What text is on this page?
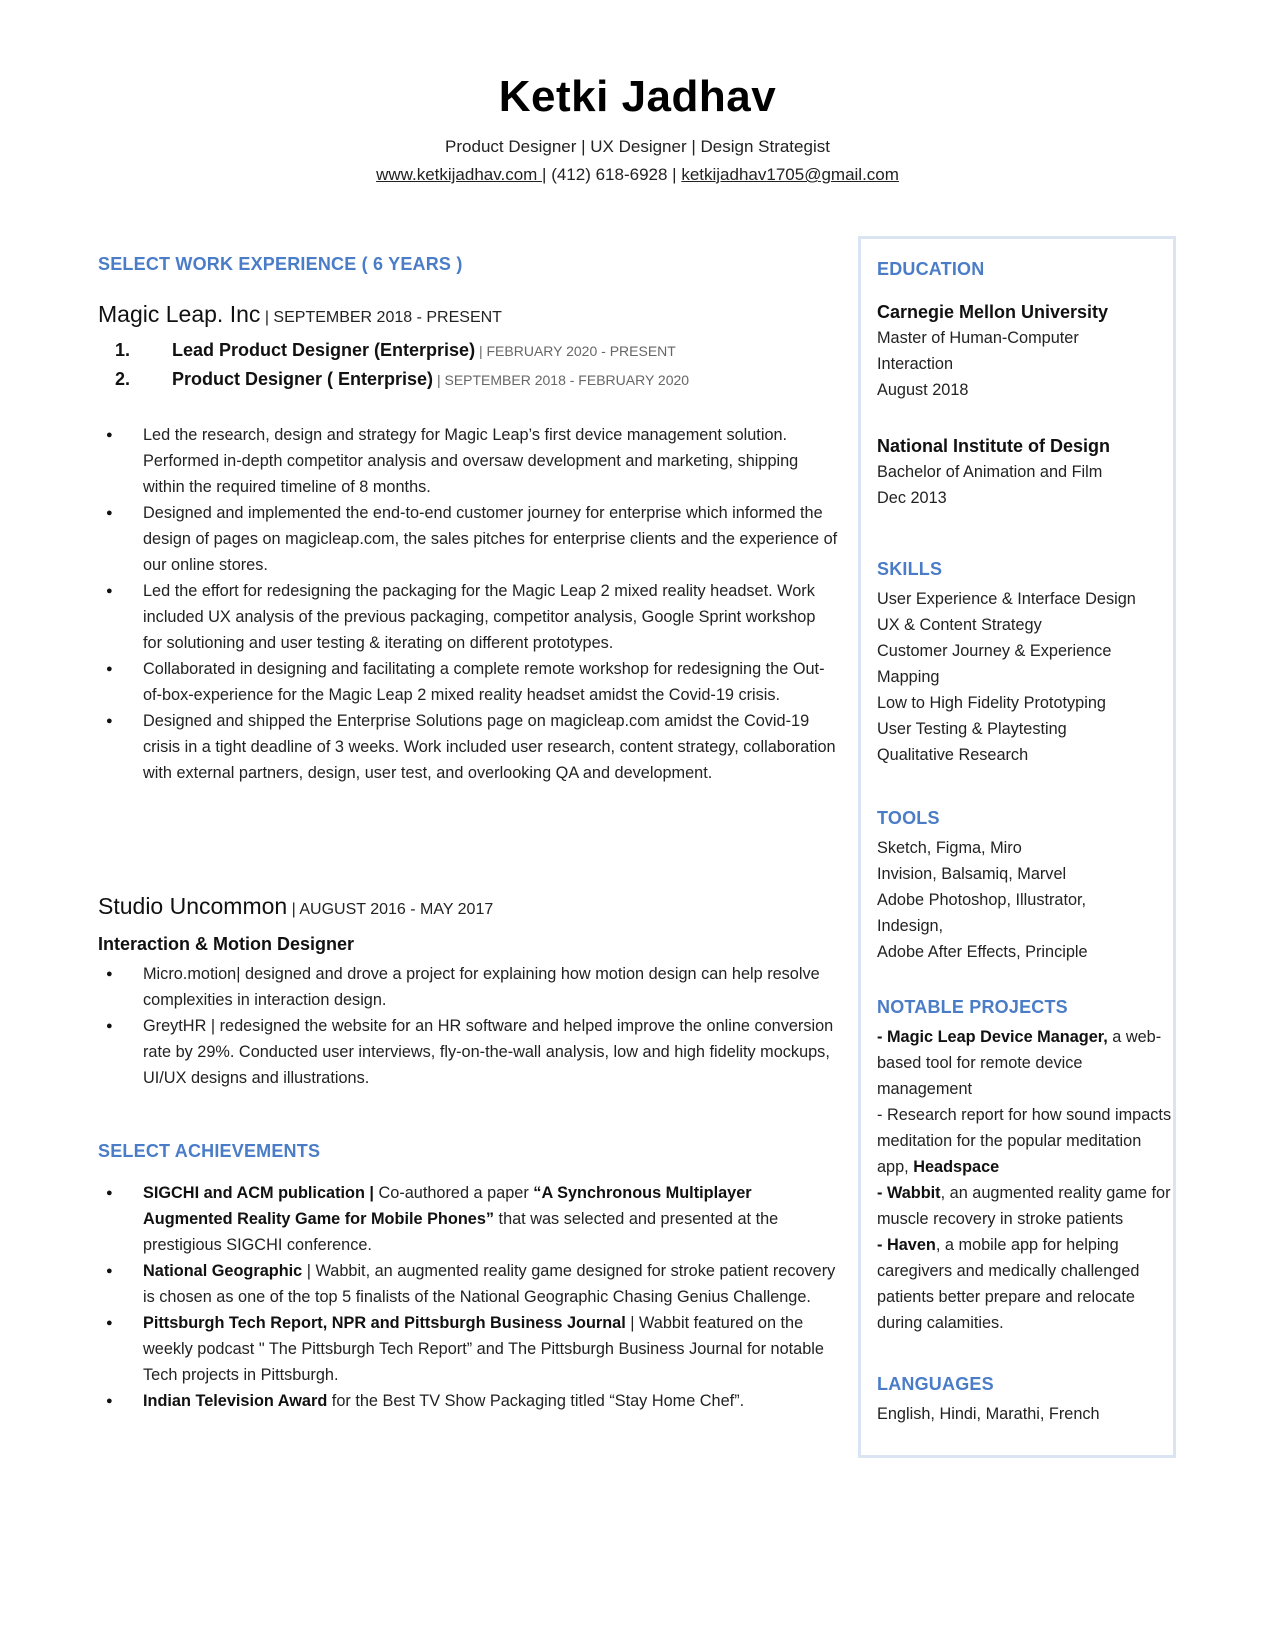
Ketki Jadhav
Product Designer | UX Designer | Design Strategist
www.ketkijadhav.com | (412) 618-6928 | ketkijadhav1705@gmail.com
SELECT WORK EXPERIENCE ( 6 YEARS )
Magic Leap. Inc | SEPTEMBER 2018 - PRESENT
1. Lead Product Designer (Enterprise) | FEBRUARY 2020 - PRESENT
2. Product Designer ( Enterprise) | SEPTEMBER 2018 - FEBRUARY 2020
● Led the research, design and strategy for Magic Leap’s first device management solution. Performed in-depth competitor analysis and oversaw development and marketing, shipping within the required timeline of 8 months.
● Designed and implemented the end-to-end customer journey for enterprise which informed the design of pages on magicleap.com, the sales pitches for enterprise clients and the experience of our online stores.
● Led the effort for redesigning the packaging for the Magic Leap 2 mixed reality headset. Work included UX analysis of the previous packaging, competitor analysis, Google Sprint workshop for solutioning and user testing & iterating on different prototypes.
● Collaborated in designing and facilitating a complete remote workshop for redesigning the Out-of-box-experience for the Magic Leap 2 mixed reality headset amidst the Covid-19 crisis.
● Designed and shipped the Enterprise Solutions page on magicleap.com amidst the Covid-19 crisis in a tight deadline of 3 weeks. Work included user research, content strategy, collaboration with external partners, design, user test, and overlooking QA and development.
Studio Uncommon | AUGUST 2016 - MAY 2017
Interaction & Motion Designer
● Micro.motion| designed and drove a project for explaining how motion design can help resolve complexities in interaction design.
● GreytHR | redesigned the website for an HR software and helped improve the online conversion rate by 29%. Conducted user interviews, fly-on-the-wall analysis, low and high fidelity mockups, UI/UX designs and illustrations.
SELECT ACHIEVEMENTS
● SIGCHI and ACM publication | Co-authored a paper “A Synchronous Multiplayer Augmented Reality Game for Mobile Phones” that was selected and presented at the prestigious SIGCHI conference.
● National Geographic | Wabbit, an augmented reality game designed for stroke patient recovery is chosen as one of the top 5 finalists of the National Geographic Chasing Genius Challenge.
● Pittsburgh Tech Report, NPR and Pittsburgh Business Journal | Wabbit featured on the weekly podcast " The Pittsburgh Tech Report” and The Pittsburgh Business Journal for notable Tech projects in Pittsburgh.
● Indian Television Award for the Best TV Show Packaging titled “Stay Home Chef”.
EDUCATION
Carnegie Mellon University
Master of Human-Computer
Interaction
August 2018
National Institute of Design
Bachelor of Animation and Film
Dec 2013
SKILLS
User Experience & Interface Design
UX & Content Strategy
Customer Journey & Experience
Mapping
Low to High Fidelity Prototyping
User Testing & Playtesting
Qualitative Research
TOOLS
Sketch, Figma, Miro
Invision, Balsamiq, Marvel
Adobe Photoshop, Illustrator,
Indesign,
Adobe After Effects, Principle
NOTABLE PROJECTS
- Magic Leap Device Manager, a web-based tool for remote device management
- Research report for how sound impacts meditation for the popular meditation app, Headspace
- Wabbit, an augmented reality game for muscle recovery in stroke patients
- Haven, a mobile app for helping caregivers and medically challenged patients better prepare and relocate during calamities.
LANGUAGES
English, Hindi, Marathi, French
